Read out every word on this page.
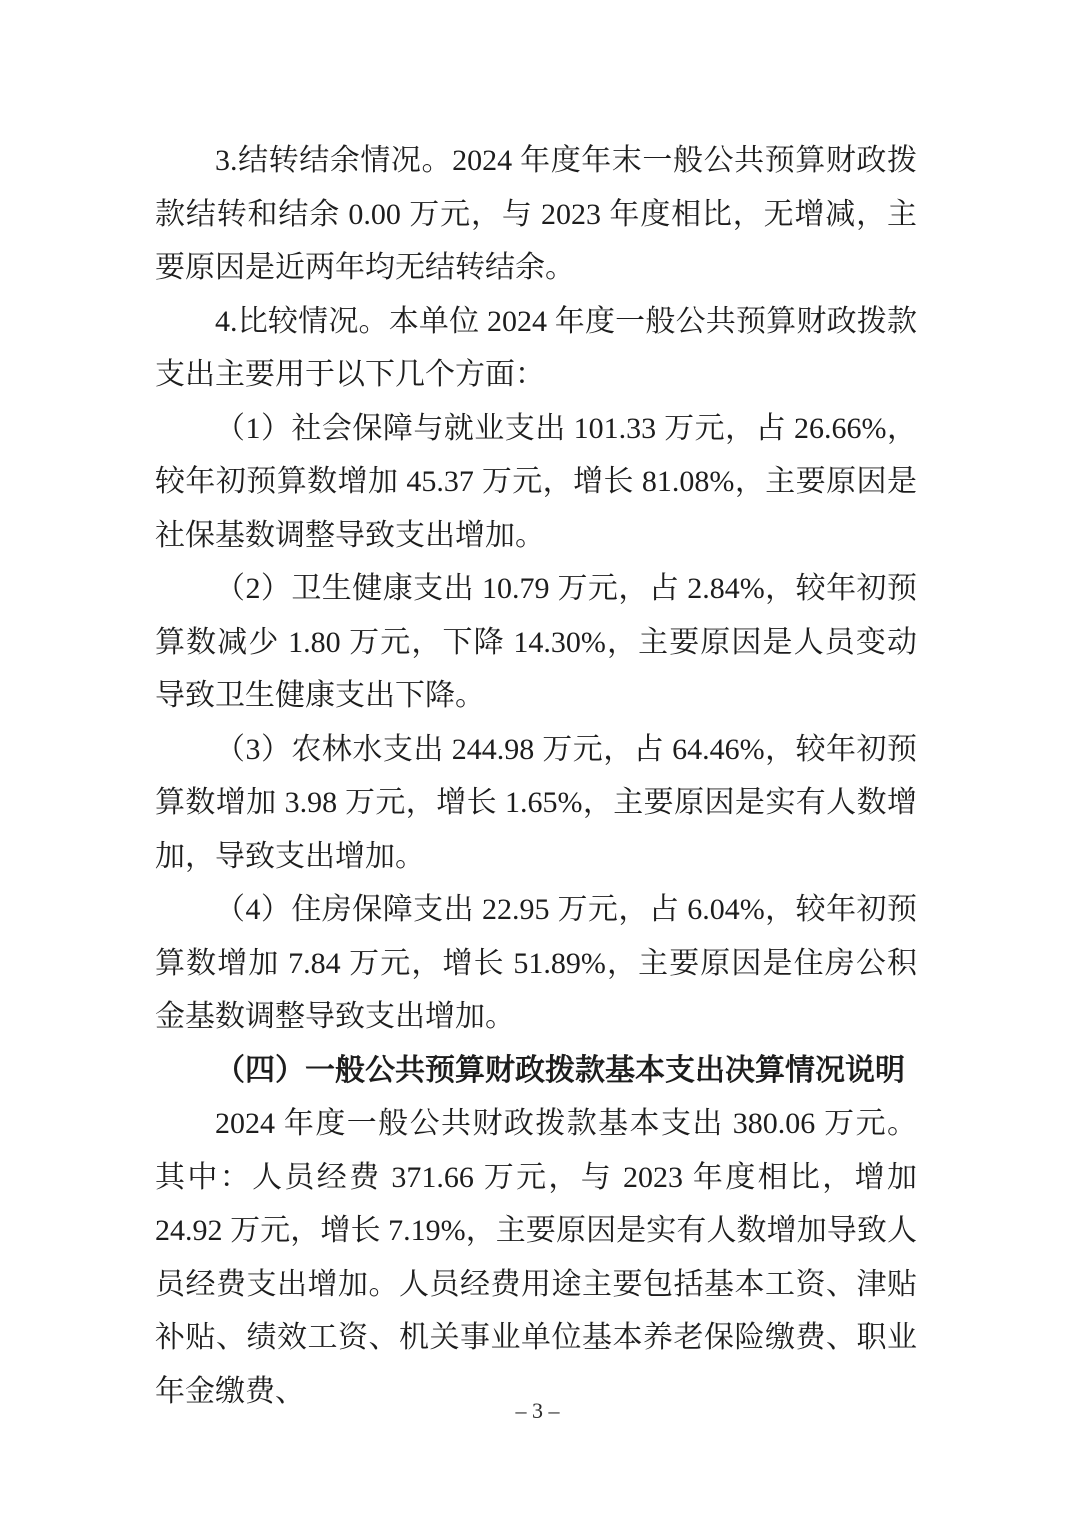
3.结转结余情况。2024 年度年末一般公共预算财政拨款结转和结余 0.00 万元，与 2023 年度相比，无增减，主要原因是近两年均无结转结余。

4.比较情况。本单位 2024 年度一般公共预算财政拨款支出主要用于以下几个方面：

（1）社会保障与就业支出 101.33 万元，占 26.66%，较年初预算数增加 45.37 万元，增长 81.08%，主要原因是社保基数调整导致支出增加。

（2）卫生健康支出 10.79 万元，占 2.84%，较年初预算数减少 1.80 万元，下降 14.30%，主要原因是人员变动导致卫生健康支出下降。

（3）农林水支出 244.98 万元，占 64.46%，较年初预算数增加 3.98 万元，增长 1.65%，主要原因是实有人数增加，导致支出增加。

（4）住房保障支出 22.95 万元，占 6.04%，较年初预算数增加 7.84 万元，增长 51.89%，主要原因是住房公积金基数调整导致支出增加。

（四）一般公共预算财政拨款基本支出决算情况说明

2024 年度一般公共财政拨款基本支出 380.06 万元。其中：人员经费 371.66 万元，与 2023 年度相比，增加 24.92 万元，增长 7.19%，主要原因是实有人数增加导致人员经费支出增加。人员经费用途主要包括基本工资、津贴补贴、绩效工资、机关事业单位基本养老保险缴费、职业年金缴费、

– 3 –
